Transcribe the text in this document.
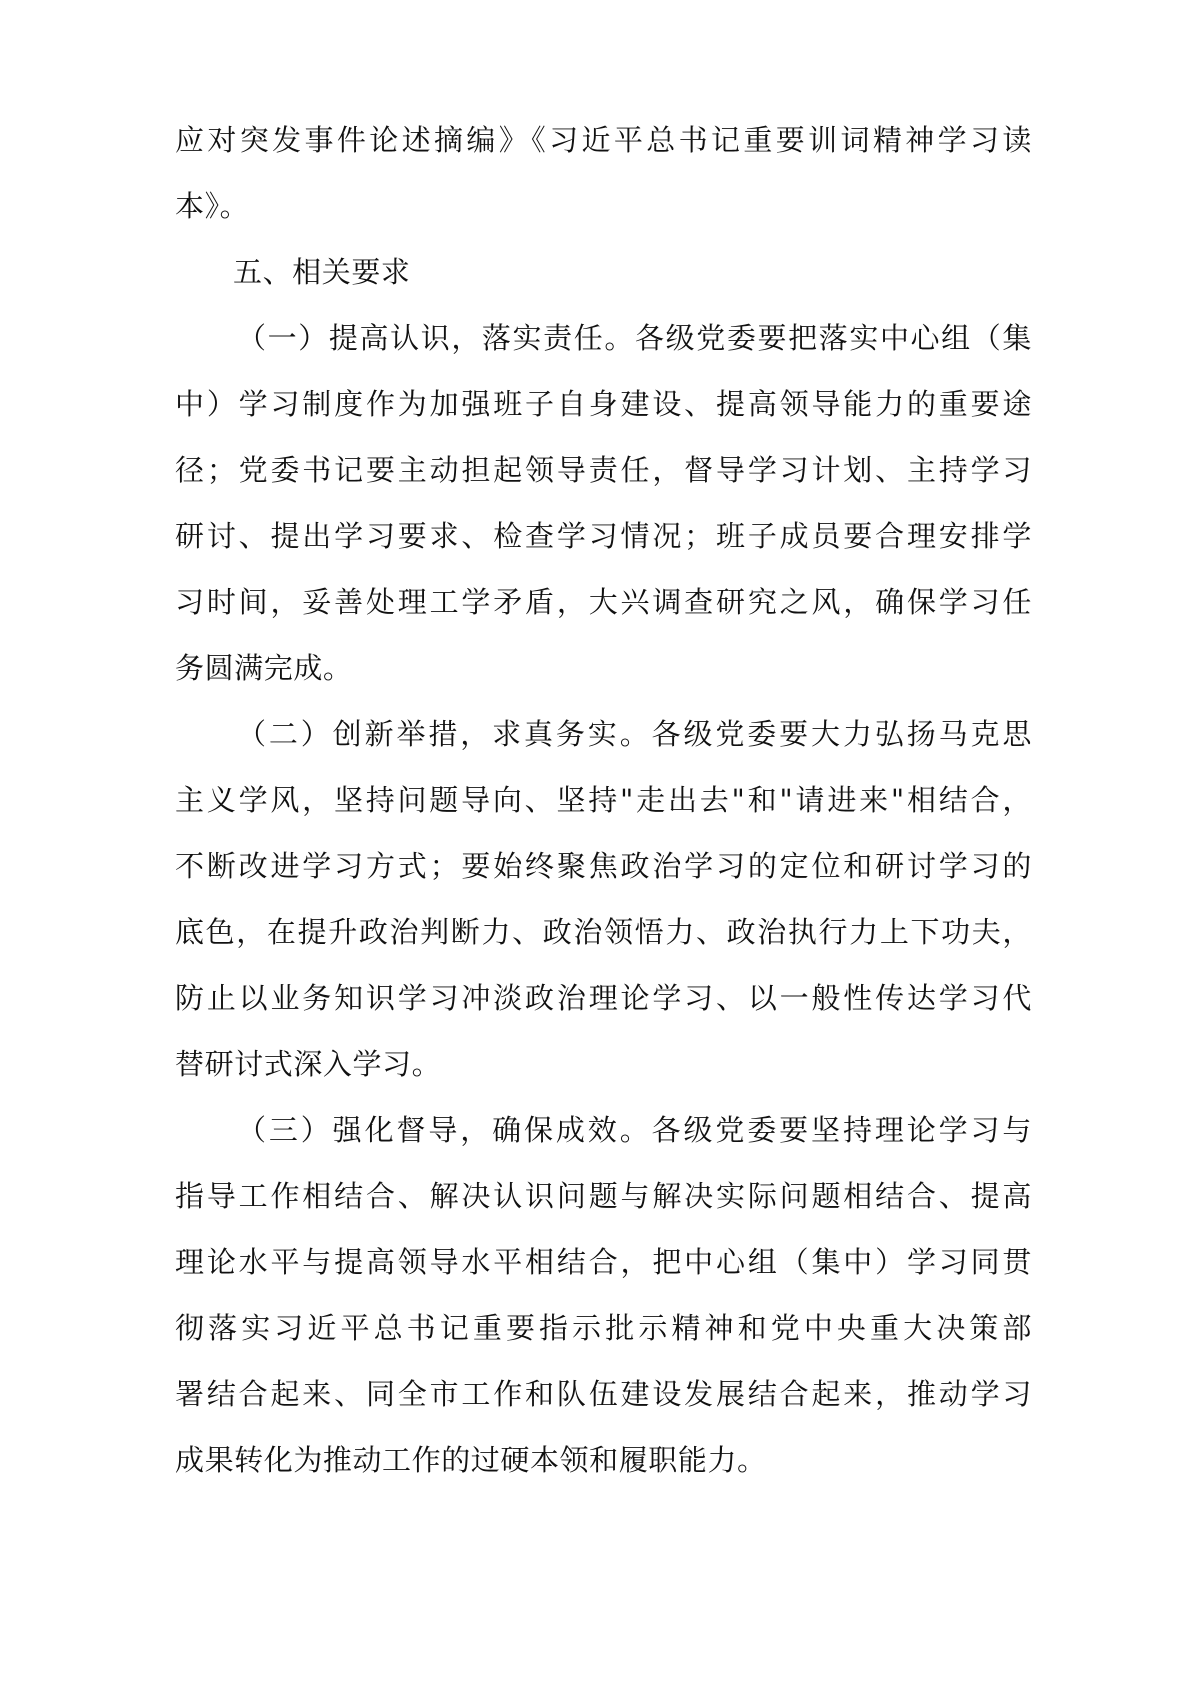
应对突发事件论述摘编》《习近平总书记重要训词精神学习读
本》。

五、相关要求

（一）提高认识，落实责任。各级党委要把落实中心组（集
中）学习制度作为加强班子自身建设、提高领导能力的重要途
径；党委书记要主动担起领导责任，督导学习计划、主持学习
研讨、提出学习要求、检查学习情况；班子成员要合理安排学
习时间，妥善处理工学矛盾，大兴调查研究之风，确保学习任
务圆满完成。

（二）创新举措，求真务实。各级党委要大力弘扬马克思
主义学风，坚持问题导向、坚持"走出去"和"请进来"相结合，
不断改进学习方式；要始终聚焦政治学习的定位和研讨学习的
底色，在提升政治判断力、政治领悟力、政治执行力上下功夫，
防止以业务知识学习冲淡政治理论学习、以一般性传达学习代
替研讨式深入学习。

（三）强化督导，确保成效。各级党委要坚持理论学习与
指导工作相结合、解决认识问题与解决实际问题相结合、提高
理论水平与提高领导水平相结合，把中心组（集中）学习同贯
彻落实习近平总书记重要指示批示精神和党中央重大决策部
署结合起来、同全市工作和队伍建设发展结合起来，推动学习
成果转化为推动工作的过硬本领和履职能力。
